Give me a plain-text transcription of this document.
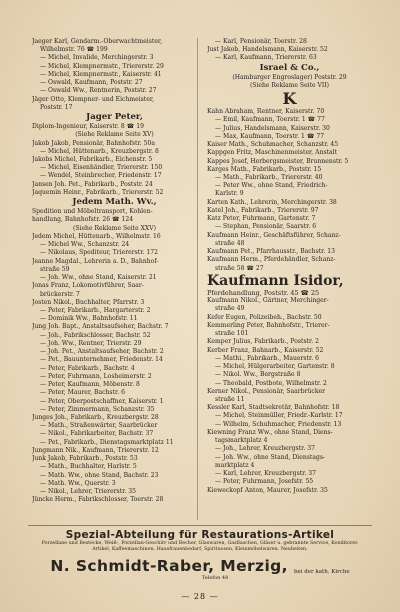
Jaeger Karl, Gendarm.-Oberwachtmeister,
Wilhelmstr. 76 ☎ 199
— Michel, Invalide, Merchingerstr. 3
— Michel, Klempnermstr., Triererstr. 29
— Michel, Klempnermstr., Kaiserstr. 41
— Oswald, Kaufmann, Poststr. 27
— Oswald Ww., Rentnerin, Poststr. 27
Jäger Otto, Klempner- und Eichmeister,
Poststr. 17
Jager Peter,
Diplom-Ingenieur, Kaiserstr. 8 ☎ 19
(Siehe Reklame Seite XV)
Jakob Jakob, Pensionär, Bahnhofstr. 50a
— Michel, Hüttenarb., Kreuzbergstr. 8
Jakobs Michel, Fabrikarb., Eichenstr. 5
— Michel, Eisenhändler, Triererstr. 150
— Wendel, Steinbrecher, Friedenstr. 17
Jansen Joh. Pet., Fabrikarb., Poststr. 24
Jaquemin Heinr., Fabrikarb., Triererstr. 52
Jedem Math. Wv.,
Spedition und Möbeltransport, Kohlen-
handlung, Bahnhofstr. 26 ☎ 124
(Siehe Reklame Seite XXV)
Jedem Michel, Hüttenarb., Wilhelmstr. 16
— Michel Ww., Schanzstr. 24
— Nikolaus, Spediteur, Triererstr. 172
Jeanne Magdal., Lehrerin a. D., Bahnhof-
straße 59
— Joh. Ww., ohne Stand, Kaiserstr. 21
Jonas Franz, Lokomotivführer, Saar-
brückerstr. 7
Josten Nikol., Buchhalter, Pfarrstr. 3
— Peter, Fabrikarb., Hargarterstr. 2
— Dominik Ww., Bahnhofstr. 11
Jung Joh. Bapt., Anstaltsaufseher, Bachstr. 7
— Joh., Fabrikschlosser, Bachstr. 52
— Joh. Ww., Rentner, Trierstr. 29
— Joh. Pet., Anstaltsaufseher, Bachstr. 2
— Pet., Bauunternehmer, Friedenstr. 14
— Peter, Fabrikarb., Bachstr. 4
— Peter, Fuhrmann, Losheimerstr. 2
— Peter, Kaufmann, Möbenstr. 8
— Peter, Maurer, Bachstr. 6
— Peter, Oberpostschaffner, Kaiserstr. 1
— Peter, Zimmermann, Schanzstr. 35
Junges Joh., Fabrikarb., Kreuzbergstr. 28
— Math., Straßenwärter, Saarbrücker
— Nikol., Fabrikarbeiter, Bachstr. 37
— Pet., Fabrikarb., Dienstagsmarktplatz 11
Jungmann Nik., Kaufmann, Triererstr. 12
Junk Jakob, Fabrikarb., Poststr. 53
— Math., Buchhalter, Harlstr. 5
— Math. Ww., ohne Stand, Bachstr. 23
— Math. Ww., Querstr. 3
— Nikol., Lehrer, Triererstr. 35
Jüncke Herm., Fabrikschlosser, Toerstr. 28
— Karl, Pensionär, Toerstr. 28
Just Jakob, Handelsmann, Kaiserstr. 52
— Karl, Kaufmann, Triererstr. 63
Israel & Co.,
(Hamburger Engroslager) Poststr. 29
(Siehe Reklame Seite VII)
K
Kahn Abraham, Rentner, Kaiserstr. 70
— Emil, Kaufmann, Toerstr. 1 ☎ 77
— Julius, Handelsmann, Kaiserstr. 30
— Max, Kaufmann, Toerstr. 1 ☎ 77
Kaiser Math., Schuhmacher, Schanzstr. 45
Kappgen Fritz, Maschinenmeister, Anstalt
Kappes Josef, Herbergsmeister, Brunnenstr. 5
Karges Math., Fabrikarb., Poststr. 15
— Math., Fabrikarb., Triererstr. 40
— Peter Ww., ohne Stand, Friedrich-
Karlstr. 9
Karten Kath., Lehrerin, Merchingerstr. 38
Katel Joh., Fabrikarb., Triererstr. 97
Katz Peter, Fuhrmann, Gartenstr. 7
— Stephan, Pensionär, Saarstr. 6
Kaufmann Heinr., Geschäftsführer, Schanz-
straße 48
Kaufmann Pet., Pfarrhausstr., Bachstr. 13
Kaufmann Herm., Pferdehändler, Schanz-
straße 58 ☎ 27
Kaufmann Isidor,
Pferdehandlung, Poststr. 45 ☎ 25
Kaufmann Nikol., Gärtner, Merchinger-
straße 49
Kefer Eugen, Polizeibeh., Bachstr. 50
Kemmerling Peter, Bahnhofstr., Trierer-
straße 101
Kemper Julius, Fabrikarb., Poststr. 2
Kerber Franz, Bahnarb., Kaiserstr. 52
— Mathi., Fabrikarb., Mauerstr. 6
— Michel, Hülgerarbeiter, Gartenstr. 8
— Nikol. Ww., Bergstraße 8
— Theobald, Postbote, Wilhelmstr. 2
Kerner Nikol., Pensionär, Saarbrücker
straße 11
Kessler Karl, Stadtsekretär, Bahnhofstr. 18
— Michel, Steinmüller, Friedr.-Karlstr. 17
— Wilhelm, Schuhmacher, Friedenstr. 13
Kiewning Franz Ww., ohne Stand, Diens-
tagsmarktplatz 4
— Joh., Lehrer, Kreuzbergstr. 37
— Joh. Ww., ohne Stand, Dienstags-
marktplatz 4
— Karl, Lehrer, Kreuzbergstr. 37
— Peter, Fuhrmann, Josefstr. 55
Kieweckopf Anton, Maurer, Josefstr. 35
Spezial-Abteilung für Restaurations-Artikel
Porzellane und Bestecke, Weiß-, Porzellan-Geschirr und Becher, Glaswaren, Gasflaschen, Gläser u. gebrannte Service, Konditorei-Artikel, Kaffeemaschinen, Hausfrauenbedarf, Spirituosen, Kleinmöbelwaren. Neuheiten.
N. Schmidt-Raber, Merzig, bei der kath. Kirche
Telefon 48
— 28 —
